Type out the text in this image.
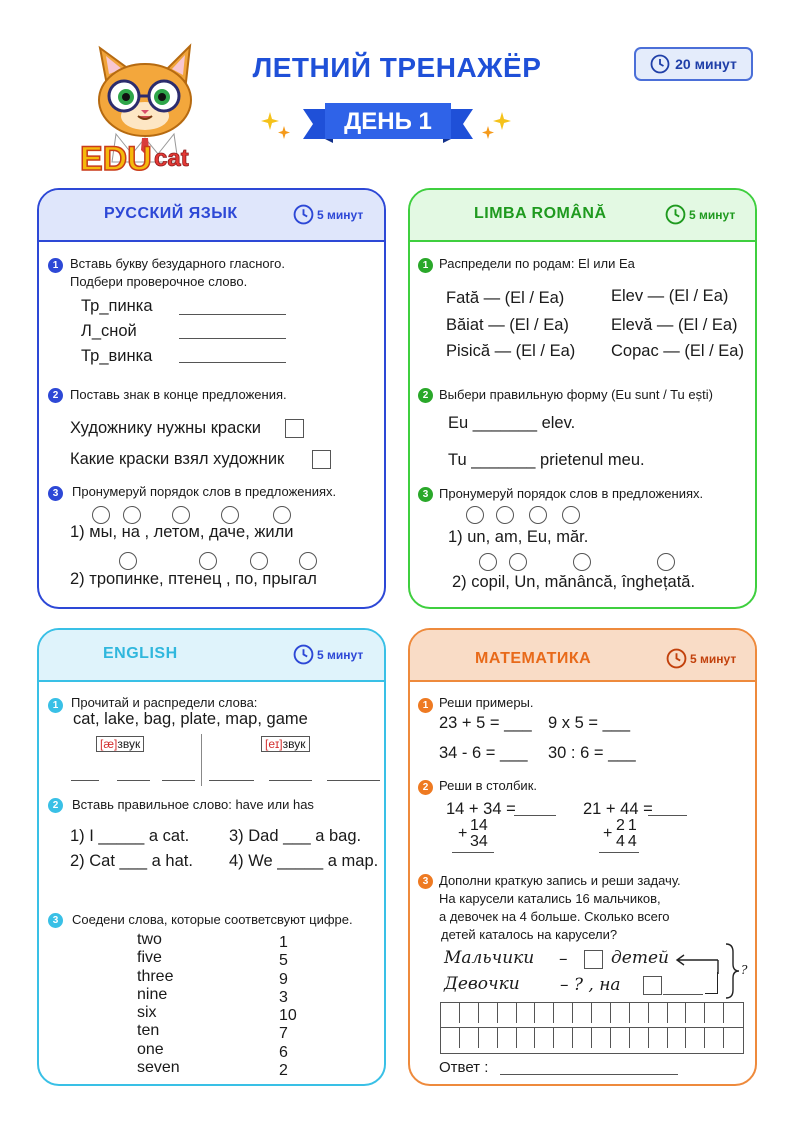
EDU cat
ЛЕТНИЙ ТРЕНАЖЁР	20 минут
ДЕНЬ 1
РУССКИЙ ЯЗЫК	5 минут
1 Вставь букву безударного гласного.
Подбери проверочное слово.
Тр_пинка
Л_сной
Тр_винка
2 Поставь знак в конце предложения.
Художнику нужны краски
Какие краски взял художник
3	Пронумеруй порядок слов в предложениях.
1) мы, на , летом, даче, жили
2) тропинке, птенец , по, прыгал
LIMBA ROMÂNĂ	5 минут
1 Распредели по родам: El или Ea
Fată — (El / Ea)	Elev — (El / Ea)
Băiat — (El / Ea)	Elevă — (El / Ea)
Pisică — (El / Ea) Copac — (El / Ea)
2 Выбери правильную форму (Eu sunt / Tu ești)
Eu _______ elev.
Tu _______ prietenul meu.
3 Пронумеруй порядок слов в предложениях.
1) un, am, Eu, măr.
2) copil, Un, mănâncă, înghețată.
ENGLISH	5 минут
1 Прочитай и распредели слова:
cat, lake, bag, plate, map, game
[æ]звук	[eɪ]звук
2	Вставь правильное слово: have или has
1) I _____ a cat. 3) Dad ___ a bag.
2) Cat ___ a hat. 4) We _____ a map.
3	Соедени слова, которые соответсвуют цифре.
two
five
three
nine
six
ten
one
seven
1
5
9
3
10
7
6
2
МАТЕМАТИКА	5 минут
1 Реши примеры.
23 + 5 = ___ 9 x 5 = ___
34 - 6 = ___ 30 : 6 = ___
2 Реши в столбик.
14 + 34 =	21 + 44 =
+ 14
34	+ 21
44
3 Дополни краткую запись и реши задачу.
На карусели катались 16 мальчиков,
а девочек на 4 больше. Сколько всего
детей каталось на карусели?
Мальчики –	детей
Девочки – ? , на
?
Ответ :
